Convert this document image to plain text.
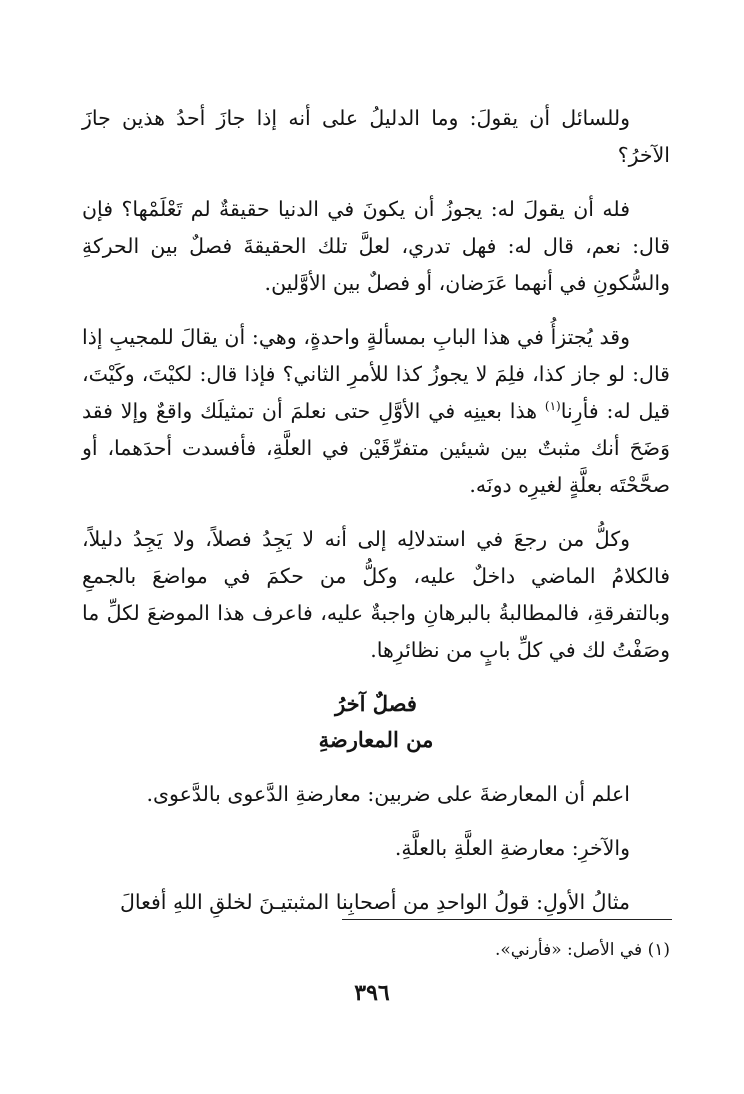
وللسائل أن يقولَ: وما الدليلُ على أنه إذا جازَ أحدُ هذين جازَ الآخرُ؟

فله أن يقولَ له: يجوزُ أن يكونَ في الدنيا حقيقةٌ لم تَعْلَمْها؟ فإن قال: نعم، قال له: فهل تدري، لعلَّ تلك الحقيقةَ فصلٌ بين الحركةِ والسُّكونِ في أنهما عَرَضان، أو فصلٌ بين الأوَّلين.

وقد يُجتزأُ في هذا البابِ بمسألةٍ واحدةٍ، وهي: أن يقالَ للمجيبِ إذا قال: لو جاز كذا، فلِمَ لا يجوزُ كذا للأمرِ الثاني؟ فإذا قال: لكيْتَ، وكَيْتَ، قيل له: فأرِنا$^{(١)}$ هذا بعينِه في الأوَّلِ حتى نعلمَ أن تمثيلَك واقعٌ وإلا فقد وَضَحَ أنك مثبتٌ بين شيئين متفرِّقَيْن في العلَّةِ، فأفسدت أحدَهما، أو صحَّحْتَه بعلَّةٍ لغيرِه دونَه.

وكلُّ من رجعَ في استدلالِه إلى أنه لا يَجِدُ فصلاً، ولا يَجِدُ دليلاً، فالكلامُ الماضي داخلٌ عليه، وكلُّ من حكمَ في مواضعَ بالجمعِ وبالتفرقةِ، فالمطالبةُ بالبرهانِ واجبةٌ عليه، فاعرف هذا الموضعَ لكلِّ ما وصَفْتُ لك في كلِّ بابٍ من نظائرِها.

فصلٌ آخرُ

من المعارضةِ

اعلم أن المعارضةَ على ضربين: معارضةِ الدَّعوى بالدَّعوى.

والآخرِ: معارضةِ العلَّةِ بالعلَّةِ.

مثالُ الأولِ: قولُ الواحدِ من أصحابِنا المثبتيـنَ لخلقِ اللهِ أفعالَ

(١) في الأصل: «فأرني».
٣٩٦
